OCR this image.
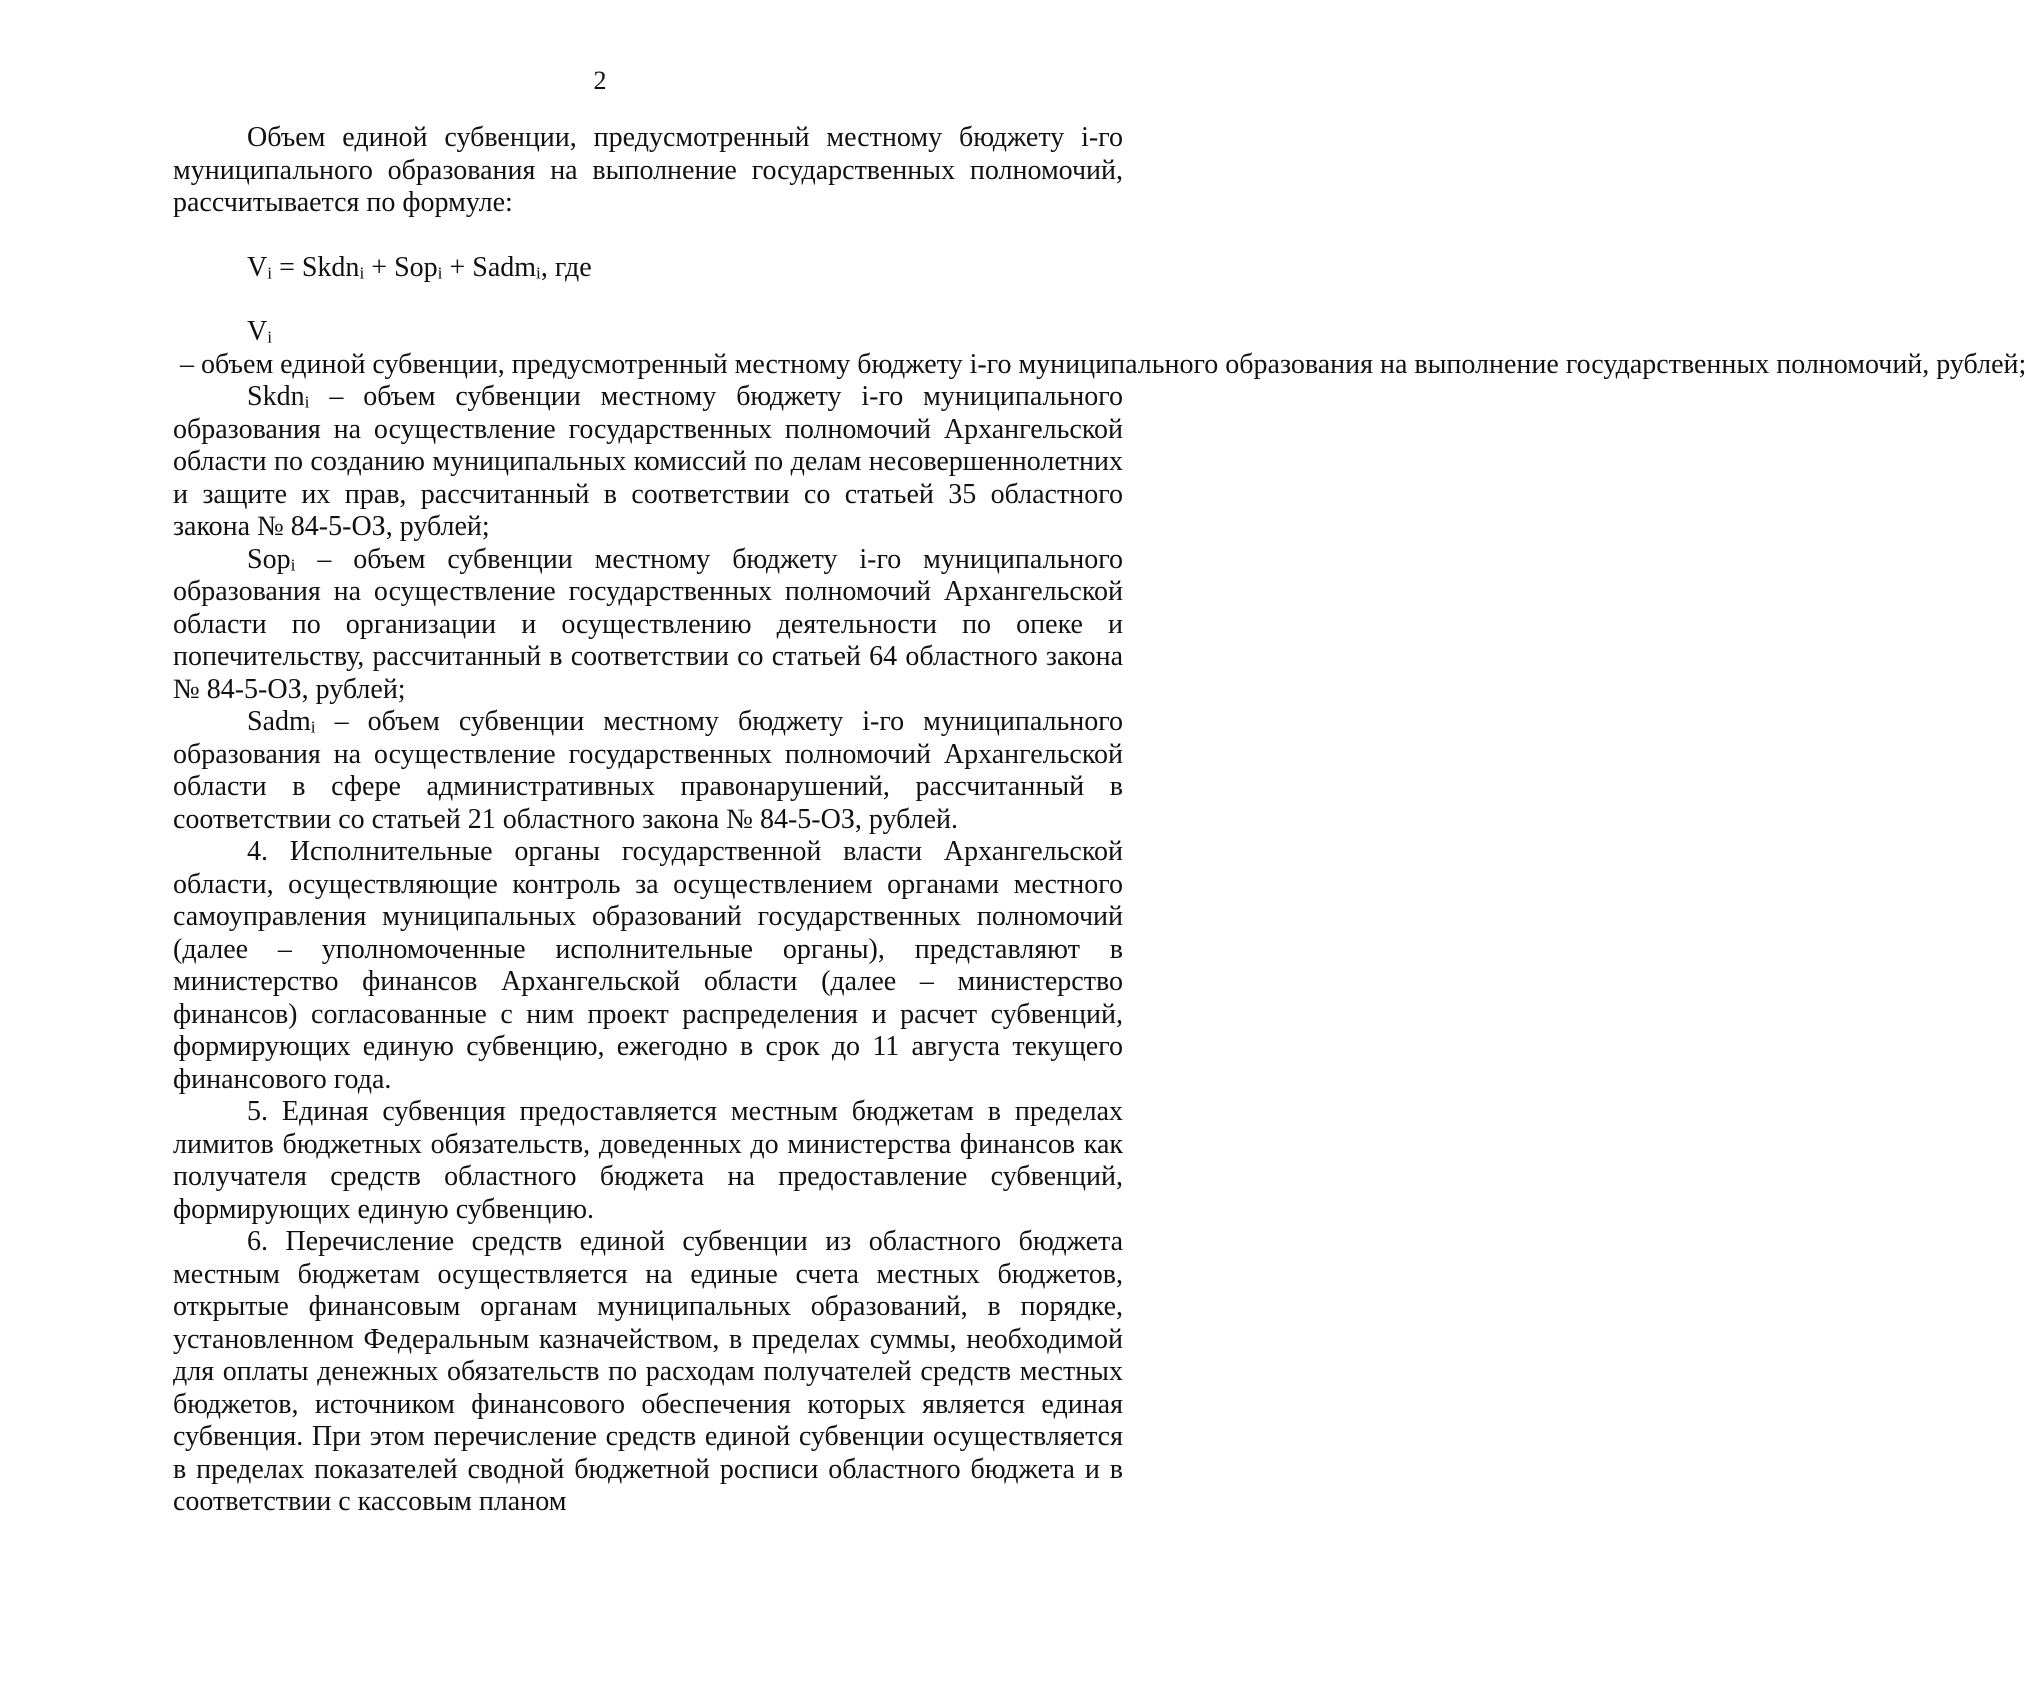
2

Объем единой субвенции, предусмотренный местному бюджету i-го муниципального образования на выполнение государственных полномочий, рассчитывается по формуле:

$V_i$ = Skdn$_i$ + Sop$_i$ + Sadm$_i$, где

$V_i$ – объем единой субвенции, предусмотренный местному бюджету i-го муниципального образования на выполнение государственных полномочий, рублей;

Skdn$_i$ – объем субвенции местному бюджету i-го муниципального образования на осуществление государственных полномочий Архангельской области по созданию муниципальных комиссий по делам несовершеннолетних и защите их прав, рассчитанный в соответствии со статьей 35 областного закона № 84-5-ОЗ, рублей;

Sop$_i$ – объем субвенции местному бюджету i-го муниципального образования на осуществление государственных полномочий Архангельской области по организации и осуществлению деятельности по опеке и попечительству, рассчитанный в соответствии со статьей 64 областного закона № 84-5-ОЗ, рублей;

Sadm$_i$ – объем субвенции местному бюджету i-го муниципального образования на осуществление государственных полномочий Архангельской области в сфере административных правонарушений, рассчитанный в соответствии со статьей 21 областного закона № 84-5-ОЗ, рублей.

4. Исполнительные органы государственной власти Архангельской области, осуществляющие контроль за осуществлением органами местного самоуправления муниципальных образований государственных полномочий (далее – уполномоченные исполнительные органы), представляют в министерство финансов Архангельской области (далее – министерство финансов) согласованные с ним проект распределения и расчет субвенций, формирующих единую субвенцию, ежегодно в срок до 11 августа текущего финансового года.

5. Единая субвенция предоставляется местным бюджетам в пределах лимитов бюджетных обязательств, доведенных до министерства финансов как получателя средств областного бюджета на предоставление субвенций, формирующих единую субвенцию.

6. Перечисление средств единой субвенции из областного бюджета местным бюджетам осуществляется на единые счета местных бюджетов, открытые финансовым органам муниципальных образований, в порядке, установленном Федеральным казначейством, в пределах суммы, необходимой для оплаты денежных обязательств по расходам получателей средств местных бюджетов, источником финансового обеспечения которых является единая субвенция. При этом перечисление средств единой субвенции осуществляется в пределах показателей сводной бюджетной росписи областного бюджета и в соответствии с кассовым планом
